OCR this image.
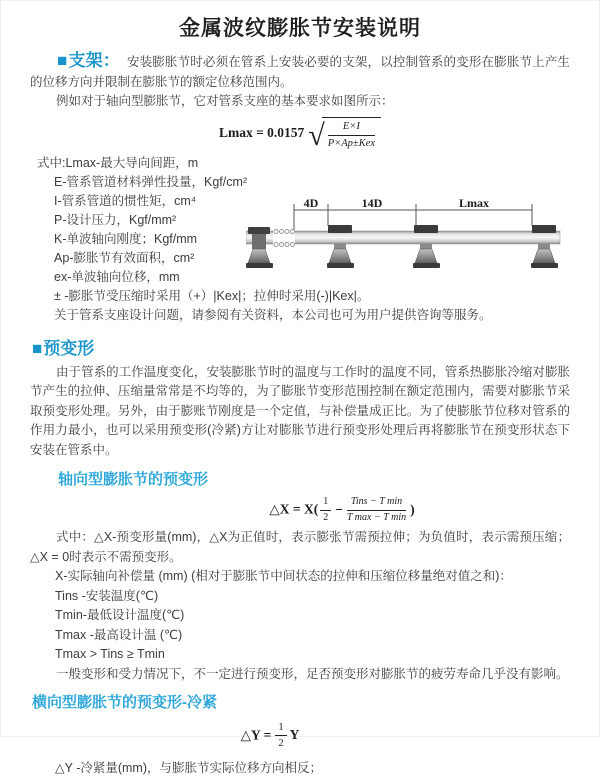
金属波纹膨胀节安装说明

■支架： 安装膨胀节时必须在管系上安装必要的支架，以控制管系的变形在膨胀节上产生的位移方向并限制在膨胀节的额定位移范围内。

例如对于轴向型膨胀节，它对管系支座的基本要求如图所示：

Lmax = 0.0157 √ $\frac{E\times I}{\text{P×Ap±Kex}}$

式中:Lmax-最大导向间距，m

E-管系管道材料弹性投量，Kgf/cm²

I-管系管道的惯性矩，cm⁴

P-设计压力，Kgf/mm²

K-单波轴向刚度；Kgf/mm

Ap-膨胀节有效面积，cm²

ex-单波轴向位移，mm

± -膨胀节受压缩时采用（+）|Kex|；拉伸时采用(-)|Kex|。

关于管系支座设计问题，请参阅有关资料，本公司也可为用户提供咨询等服务。

4D	14D	Lmax
■预变形

由于管系的工作温度变化，安装膨胀节时的温度与工作时的温度不同，管系热膨胀冷缩对膨胀节产生的拉伸、压缩量常常是不均等的，为了膨胀节变形范围控制在额定范围内，需要对膨胀节采取预变形处理。另外，由于膨账节刚度是一个定值，与补偿量成正比。为了使膨胀节位移对管系的作用力最小，也可以采用预变形(冷紧)方让对膨胀节进行预变形处理后再将膨胀节在预变形状态下安装在管系中。

轴向型膨胀节的预变形
△X = $X( \frac{1}{2} - \frac{\text{Tins − T min}}{\text{T max − T min}}$ )

式中：△X-预变形量(mm)，△X为正值时，表示膨张节需预拉伸；为负值时，表示需预压缩；△X = 0时表示不需预变形。

X-实际轴向补偿量 (mm) (相对于膨胀节中间状态的拉伸和压缩位移量绝对值之和)：

Tins -安装温度(℃)

Tmin-最低设计温度(℃)

Tmax -最高设计温 (℃)

Tmax > Tins ≥ Tmin

一般变形和受力情况下，不一定进行预变形，足否预变形对膨胀节的疲劳寿命几乎没有影响。

横向型膨胀节的预变形-冷紧
△Y = $\frac{1}{2}$ Y

△Y -冷紧量(mm)，与膨胀节实际位移方向相反；
